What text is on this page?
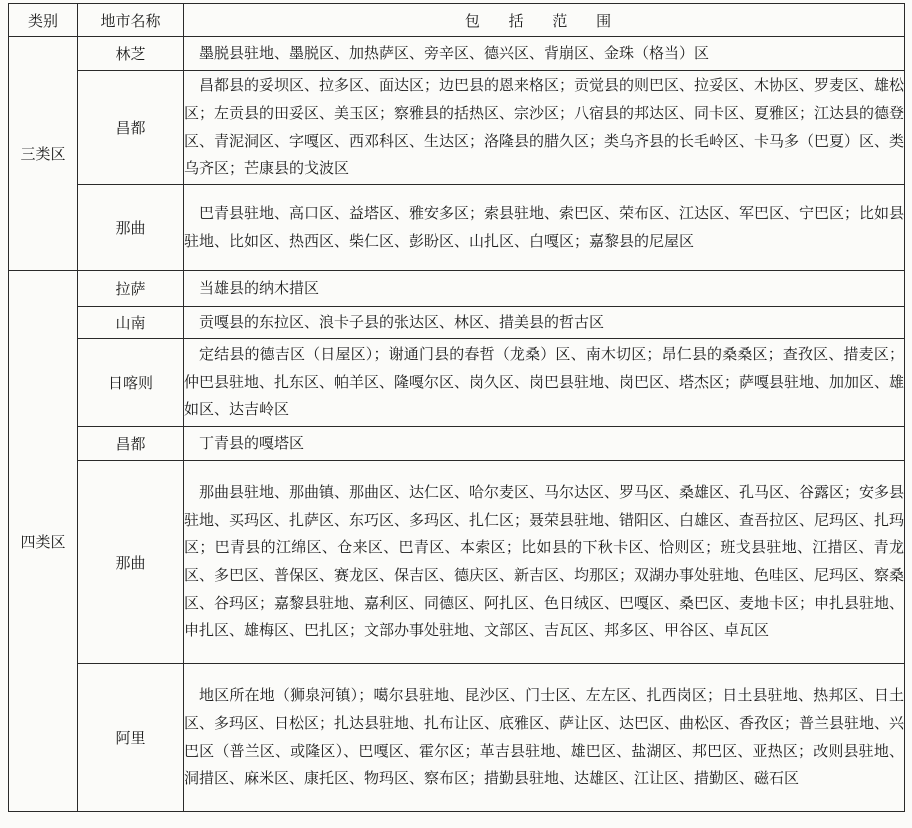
类别	地市名称	包 括 范 围
三类区	林芝	墨脱县驻地、墨脱区、加热萨区、旁辛区、德兴区、背崩区、金珠（格当）区

	昌都	昌都县的妥坝区、拉多区、面达区；边巴县的恩来格区；贡觉县的则巴区、拉妥区、木协区、罗麦区、雄松区；左贡县的田妥区、美玉区；察雅县的括热区、宗沙区；八宿县的邦达区、同卡区、夏雅区；江达县的德登区、青泥洞区、字嘎区、西邓科区、生达区；洛隆县的腊久区；类乌齐县的长毛岭区、卡马多（巴夏）区、类乌齐区；芒康县的戈波区

	那曲	巴青县驻地、高口区、益塔区、雅安多区；索县驻地、索巴区、荣布区、江达区、军巴区、宁巴区；比如县驻地、比如区、热西区、柴仁区、彭盼区、山扎区、白嘎区；嘉黎县的尼屋区

四类区	拉萨	当雄县的纳木措区

	山南	贡嘎县的东拉区、浪卡子县的张达区、林区、措美县的哲古区

	日喀则	定结县的德吉区（日屋区）；谢通门县的春哲（龙桑）区、南木切区；昂仁县的桑桑区；查孜区、措麦区；仲巴县驻地、扎东区、帕羊区、隆嘎尔区、岗久区、岗巴县驻地、岗巴区、塔杰区；萨嘎县驻地、加加区、雄如区、达吉岭区

	昌都	丁青县的嘎塔区

	那曲	那曲县驻地、那曲镇、那曲区、达仁区、哈尔麦区、马尔达区、罗马区、桑雄区、孔马区、谷露区；安多县驻地、买玛区、扎萨区、东巧区、多玛区、扎仁区；聂荣县驻地、错阳区、白雄区、查吾拉区、尼玛区、扎玛区；巴青县的江绵区、仓来区、巴青区、本索区；比如县的下秋卡区、恰则区；班戈县驻地、江措区、青龙区、多巴区、普保区、赛龙区、保吉区、德庆区、新吉区、均那区；双湖办事处驻地、色哇区、尼玛区、察桑区、谷玛区；嘉黎县驻地、嘉利区、同德区、阿扎区、色日绒区、巴嘎区、桑巴区、麦地卡区；申扎县驻地、申扎区、雄梅区、巴扎区；文部办事处驻地、文部区、吉瓦区、邦多区、甲谷区、卓瓦区

	阿里	地区所在地（狮泉河镇）；噶尔县驻地、昆沙区、门士区、左左区、扎西岗区；日土县驻地、热邦区、日土区、多玛区、日松区；扎达县驻地、扎布让区、底雅区、萨让区、达巴区、曲松区、香孜区；普兰县驻地、兴巴区（普兰区、或隆区）、巴嘎区、霍尔区；革吉县驻地、雄巴区、盐湖区、邦巴区、亚热区；改则县驻地、洞措区、麻米区、康托区、物玛区、察布区；措勤县驻地、达雄区、江让区、措勤区、磁石区
